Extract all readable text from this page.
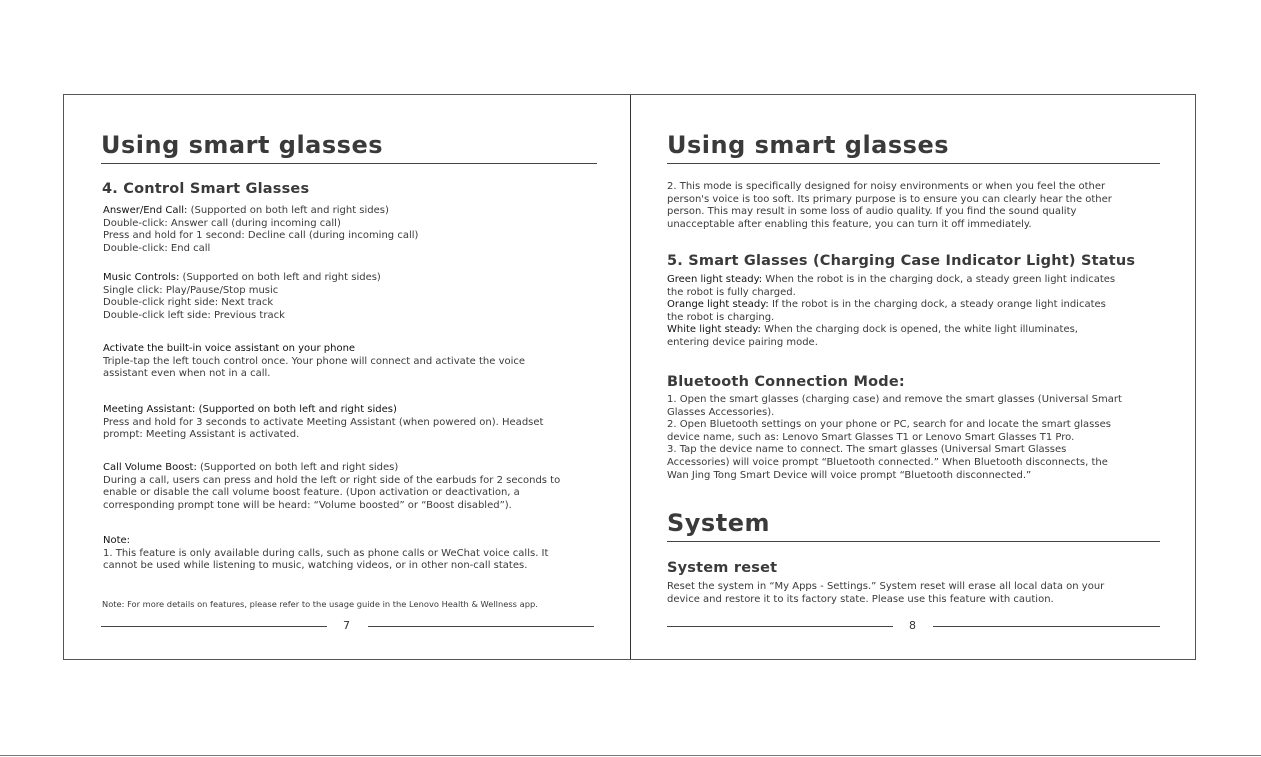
Using smart glasses
4. Control Smart Glasses

Answer/End Call: (Supported on both left and right sides)

Double-click: Answer call (during incoming call)

Press and hold for 1 second: Decline call (during incoming call)

Double-click: End call

Music Controls: (Supported on both left and right sides)

Single click: Play/Pause/Stop music

Double-click right side: Next track

Double-click left side: Previous track

Activate the built-in voice assistant on your phone

Triple-tap the left touch control once. Your phone will connect and activate the voice

assistant even when not in a call.

Meeting Assistant: (Supported on both left and right sides)

Press and hold for 3 seconds to activate Meeting Assistant (when powered on). Headset

prompt: Meeting Assistant is activated.

Call Volume Boost: (Supported on both left and right sides)

During a call, users can press and hold the left or right side of the earbuds for 2 seconds to

enable or disable the call volume boost feature. (Upon activation or deactivation, a

corresponding prompt tone will be heard: “Volume boosted” or “Boost disabled”).

Note:

1. This feature is only available during calls, such as phone calls or WeChat voice calls. It

cannot be used while listening to music, watching videos, or in other non-call states.

Note: For more details on features, please refer to the usage guide in the Lenovo Health & Wellness app.
7
Using smart glasses

2. This mode is specifically designed for noisy environments or when you feel the other

person's voice is too soft. Its primary purpose is to ensure you can clearly hear the other

person. This may result in some loss of audio quality. If you find the sound quality

unacceptable after enabling this feature, you can turn it off immediately.

5. Smart Glasses (Charging Case Indicator Light) Status

Green light steady: When the robot is in the charging dock, a steady green light indicates

the robot is fully charged.

Orange light steady: If the robot is in the charging dock, a steady orange light indicates

the robot is charging.

White light steady: When the charging dock is opened, the white light illuminates,

entering device pairing mode.

Bluetooth Connection Mode:

1. Open the smart glasses (charging case) and remove the smart glasses (Universal Smart

Glasses Accessories).

2. Open Bluetooth settings on your phone or PC, search for and locate the smart glasses

device name, such as: Lenovo Smart Glasses T1 or Lenovo Smart Glasses T1 Pro.

3. Tap the device name to connect. The smart glasses (Universal Smart Glasses

Accessories) will voice prompt “Bluetooth connected.” When Bluetooth disconnects, the

Wan Jing Tong Smart Device will voice prompt “Bluetooth disconnected.”

System
System reset

Reset the system in “My Apps - Settings.” System reset will erase all local data on your

device and restore it to its factory state. Please use this feature with caution.

8
